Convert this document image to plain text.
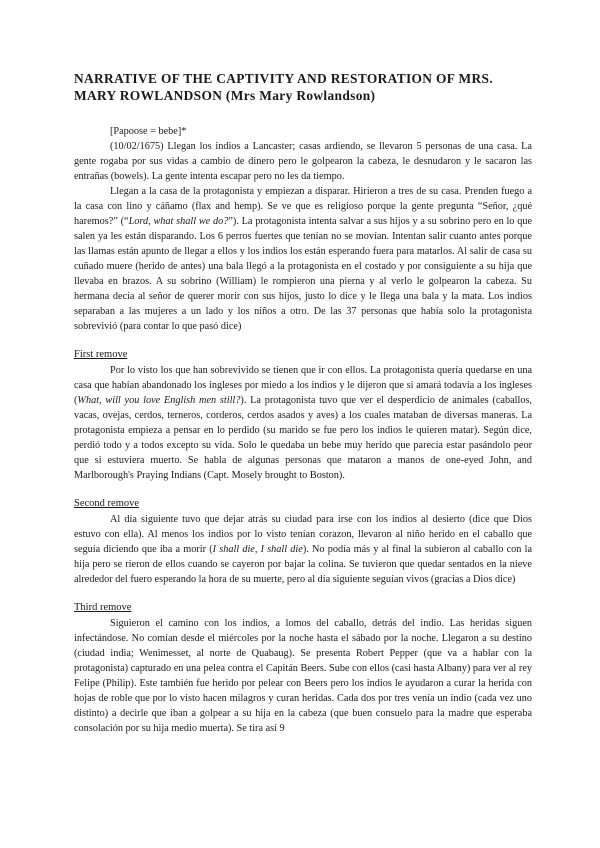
NARRATIVE OF THE CAPTIVITY AND RESTORATION OF MRS. MARY ROWLANDSON (Mrs Mary Rowlandson)
[Papoose = bebe]*

(10/02/1675) Llegan los indios a Lancaster; casas ardiendo, se llevaron 5 personas de una casa. La gente rogaba por sus vidas a cambio de dinero pero le golpearon la cabeza, le desnudaron y le sacaron las entrañas (bowels). La gente intenta escapar pero no les da tiempo.

Llegan a la casa de la protagonista y empiezan a disparar. Hirieron a tres de su casa. Prenden fuego a la casa con lino y cáñamo (flax and hemp). Se ve que es religioso porque la gente pregunta “Señor, ¿qué haremos?” (“Lord, what shall we do?”). La protagonista intenta salvar a sus hijos y a su sobrino pero en lo que salen ya les están disparando. Los 6 perros fuertes que tenían no se movían. Intentan salir cuanto antes porque las llamas están apunto de llegar a ellos y los indios los están esperando fuera para matarlos. Al salir de casa su cuñado muere (herido de antes) una bala llegó a la protagonista en el costado y por consiguiente a su hija que llevaba en brazos. A su sobrino (William) le rompieron una pierna y al verlo le golpearon la cabeza. Su hermana decía al señor de querer morir con sus hijos, justo lo dice y le llega una bala y la mata. Los indios separaban a las mujeres a un lado y los niños a otro. De las 37 personas que había solo la protagonista sobrevivió (para contar lo que pasó dice)

First remove

Por lo visto los que han sobrevivido se tienen que ir con ellos. La protagonista quería quedarse en una casa que habían abandonado los ingleses por miedo a los indios y le dijeron que si amará todavía a los ingleses (What, will you love English men still?). La protagonista tuvo que ver el desperdicio de animales (caballos, vacas, ovejas, cerdos, terneros, corderos, cerdos asados y aves) a los cuales mataban de diversas maneras. La protagonista empieza a pensar en lo perdido (su marido se fue pero los indios le quieren matar). Según dice, perdió todo y a todos excepto su vida. Solo le quedaba un bebe muy herido que parecía estar pasándolo peor que si estuviera muerto. Se habla de algunas personas que mataron a manos de one-eyed John, and Marlborough's Praying Indians (Capt. Mosely brought to Boston).

Second remove

Al día siguiente tuvo que dejar atrás su ciudad para irse con los indios al desierto (dice que Dios estuvo con ella). Al menos los indios por lo visto tenían corazon, llevaron al niño herido en el caballo que seguía diciendo que iba a morir (I shall die, I shall die). No podía más y al final la subieron al caballo con la hija pero se rieron de ellos cuando se cayeron por bajar la colina. Se tuvieron que quedar sentados en la nieve alrededor del fuero esperando la hora de su muerte, pero al día siguiente seguían vivos (gracias a Dios dice)

Third remove

Siguieron el camino con los indios, a lomos del caballo, detrás del indio. Las heridas siguen infectándose. No comían desde el miércoles por la noche hasta el sábado por la noche. Llegaron a su destino (ciudad india; Wenimesset, al norte de Quabaug). Se presenta Robert Pepper (que va a hablar con la protagonista) capturado en una pelea contra el Capitán Beers. Sube con ellos (casi hasta Albany) para ver al rey Felipe (Philip). Este también fue herido por pelear con Beers pero los indios le ayudaron a curar la herida con hojas de roble que por lo visto hacen milagros y curan heridas. Cada dos por tres venía un indio (cada vez uno distinto) a decirle que iban a golpear a su hija en la cabeza (que buen consuelo para la madre que esperaba consolación por su hija medio muerta). Se tira así 9
